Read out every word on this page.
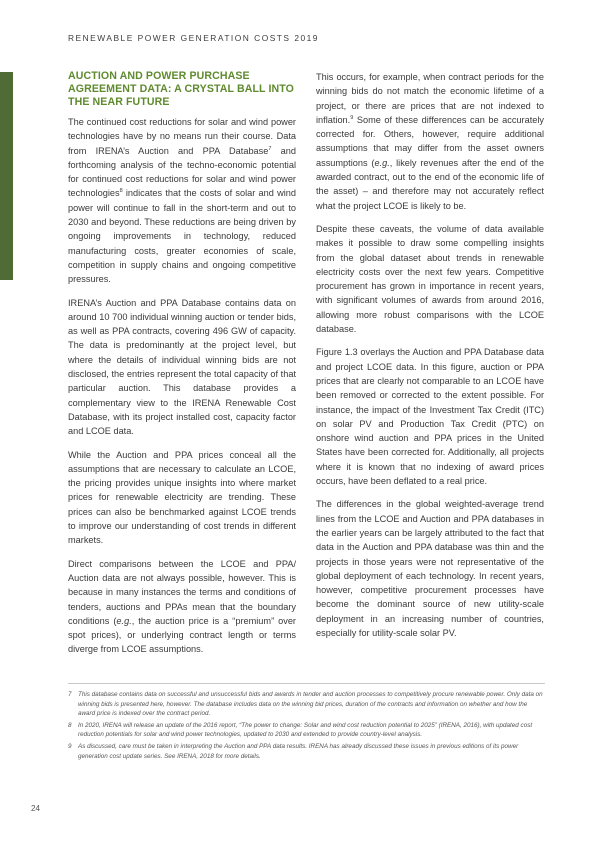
RENEWABLE POWER GENERATION COSTS 2019
AUCTION AND POWER PURCHASE AGREEMENT DATA: A CRYSTAL BALL INTO THE NEAR FUTURE

The continued cost reductions for solar and wind power technologies have by no means run their course. Data from IRENA’s Auction and PPA Database$^7$ and forthcoming analysis of the techno-economic potential for continued cost reductions for solar and wind power technologies$^8$ indicates that the costs of solar and wind power will continue to fall in the short-term and out to 2030 and beyond. These reductions are being driven by ongoing improvements in technology, reduced manufacturing costs, greater economies of scale, competition in supply chains and ongoing competitive pressures.

IRENA’s Auction and PPA Database contains data on around 10 700 individual winning auction or tender bids, as well as PPA contracts, covering 496 GW of capacity. The data is predominantly at the project level, but where the details of individual winning bids are not disclosed, the entries represent the total capacity of that particular auction. This database provides a complementary view to the IRENA Renewable Cost Database, with its project installed cost, capacity factor and LCOE data.

While the Auction and PPA prices conceal all the assumptions that are necessary to calculate an LCOE, the pricing provides unique insights into where market prices for renewable electricity are trending. These prices can also be benchmarked against LCOE trends to improve our understanding of cost trends in different markets.

Direct comparisons between the LCOE and PPA/ Auction data are not always possible, however. This is because in many instances the terms and conditions of tenders, auctions and PPAs mean that the boundary conditions (e.g., the auction price is a “premium” over spot prices), or underlying contract length or terms diverge from LCOE assumptions.

This occurs, for example, when contract periods for the winning bids do not match the economic lifetime of a project, or there are prices that are not indexed to inflation.$^9$ Some of these differences can be accurately corrected for. Others, however, require additional assumptions that may differ from the asset owners assumptions (e.g., likely revenues after the end of the awarded contract, out to the end of the economic life of the asset) – and therefore may not accurately reflect what the project LCOE is likely to be.

Despite these caveats, the volume of data available makes it possible to draw some compelling insights from the global dataset about trends in renewable electricity costs over the next few years. Competitive procurement has grown in importance in recent years, with significant volumes of awards from around 2016, allowing more robust comparisons with the LCOE database.

Figure 1.3 overlays the Auction and PPA Database data and project LCOE data. In this figure, auction or PPA prices that are clearly not comparable to an LCOE have been removed or corrected to the extent possible. For instance, the impact of the Investment Tax Credit (ITC) on solar PV and Production Tax Credit (PTC) on onshore wind auction and PPA prices in the United States have been corrected for. Additionally, all projects where it is known that no indexing of award prices occurs, have been deflated to a real price.

The differences in the global weighted-average trend lines from the LCOE and Auction and PPA databases in the earlier years can be largely attributed to the fact that data in the Auction and PPA database was thin and the projects in those years were not representative of the global deployment of each technology. In recent years, however, competitive procurement processes have become the dominant source of new utility-scale deployment in an increasing number of countries, especially for utility-scale solar PV.

7	This database contains data on successful and unsuccessful bids and awards in tender and auction processes to competitively procure renewable power. Only data on winning bids is presented here, however. The database includes data on the winning bid prices, duration of the contracts and information on whether and how the award price is indexed over the contract period.
8	In 2020, IRENA will release an update of the 2016 report, “The power to change: Solar and wind cost reduction potential to 2025” (IRENA, 2016), with updated cost reduction potentials for solar and wind power technologies, updated to 2030 and extended to provide country-level analysis.
9	As discussed, care must be taken in interpreting the Auction and PPA data results. IRENA has already discussed these issues in previous editions of its power generation cost update series. See IRENA, 2018 for more details.
24
